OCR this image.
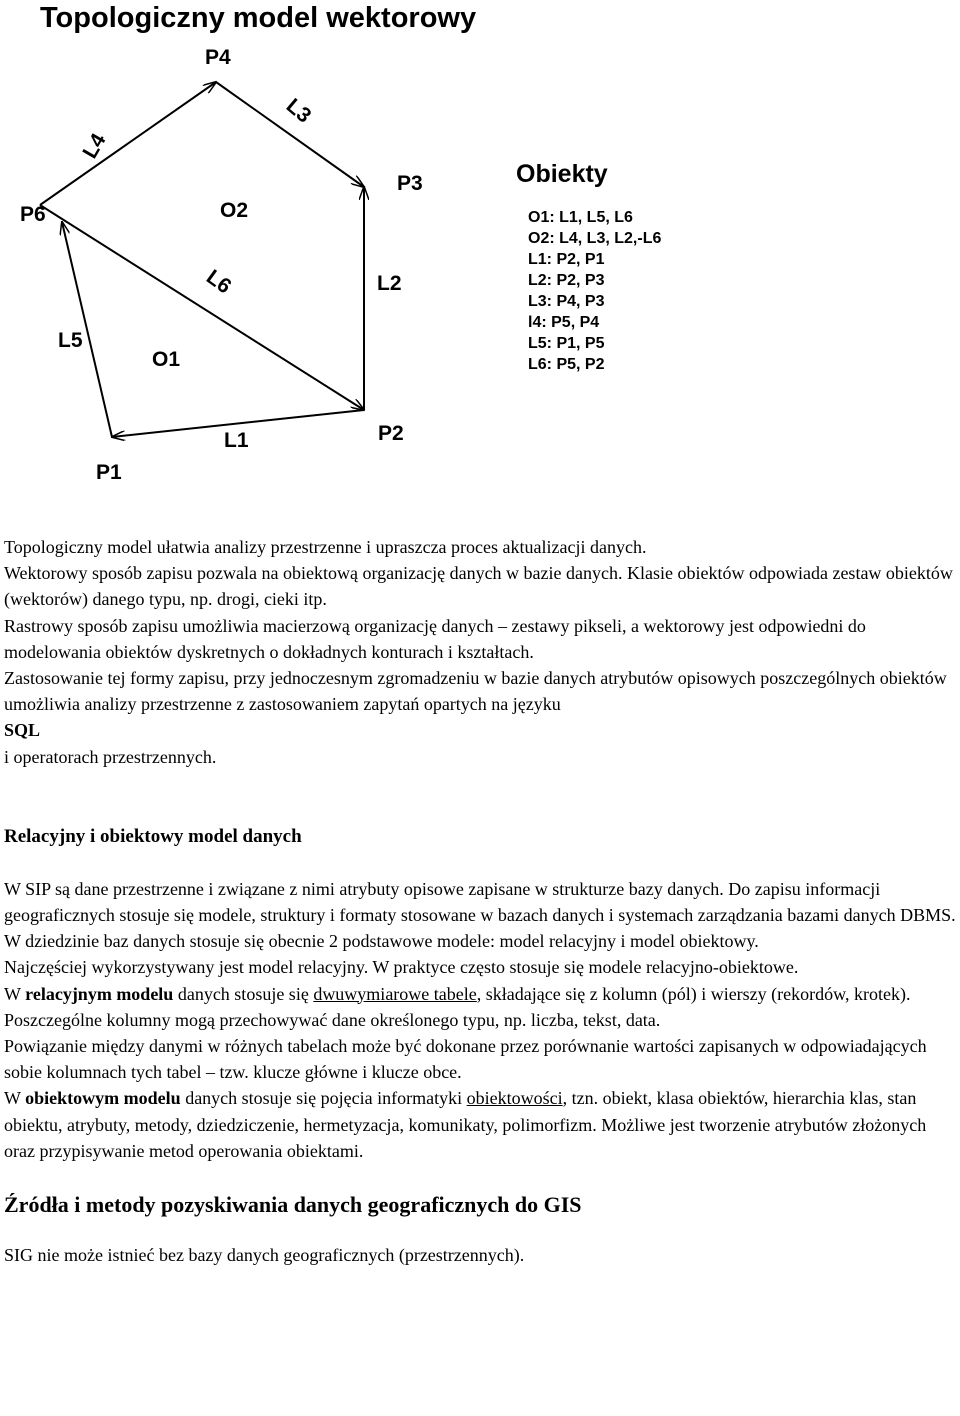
Topologiczny model wektorowy
P4
P3
P6
P2
P1
L4
L3
L2
L6
L5
L1
O2
O1
Obiekty
O1: L1, L5, L6
O2: L4, L3, L2,-L6
L1: P2, P1
L2: P2, P3
L3: P4, P3
l4: P5, P4
L5: P1, P5
L6: P5, P2

Topologiczny model ułatwia analizy przestrzenne i upraszcza proces aktualizacji danych.

Wektorowy sposób zapisu pozwala na obiektową organizację danych w bazie danych. Klasie obiektów odpowiada zestaw obiektów (wektorów) danego typu, np. drogi, cieki itp.

Rastrowy sposób zapisu umożliwia macierzową organizację danych – zestawy pikseli, a wektorowy jest odpowiedni do modelowania obiektów dyskretnych o dokładnych konturach i kształtach.

Zastosowanie tej formy zapisu, przy jednoczesnym zgromadzeniu w bazie danych atrybutów opisowych poszczególnych obiektów umożliwia analizy przestrzenne z zastosowaniem zapytań opartych na języku
SQL
i operatorach przestrzennych.

Relacyjny i obiektowy model danych

W SIP są dane przestrzenne i związane z nimi atrybuty opisowe zapisane w strukturze bazy danych. Do zapisu informacji geograficznych stosuje się modele, struktury i formaty stosowane w bazach danych i systemach zarządzania bazami danych DBMS.

W dziedzinie baz danych stosuje się obecnie 2 podstawowe modele: model relacyjny i model obiektowy.

Najczęściej wykorzystywany jest model relacyjny. W praktyce często stosuje się modele relacyjno-obiektowe.

W relacyjnym modelu danych stosuje się dwuwymiarowe tabele, składające się z kolumn (pól) i wierszy (rekordów, krotek). Poszczególne kolumny mogą przechowywać dane określonego typu, np. liczba, tekst, data.

Powiązanie między danymi w różnych tabelach może być dokonane przez porównanie wartości zapisanych w odpowiadających sobie kolumnach tych tabel – tzw. klucze główne i klucze obce.

W obiektowym modelu danych stosuje się pojęcia informatyki obiektowości, tzn. obiekt, klasa obiektów, hierarchia klas, stan obiektu, atrybuty, metody, dziedziczenie, hermetyzacja, komunikaty, polimorfizm. Możliwe jest tworzenie atrybutów złożonych oraz przypisywanie metod operowania obiektami.

Źródła i metody pozyskiwania danych geograficznych do GIS

SIG nie może istnieć bez bazy danych geograficznych (przestrzennych).
